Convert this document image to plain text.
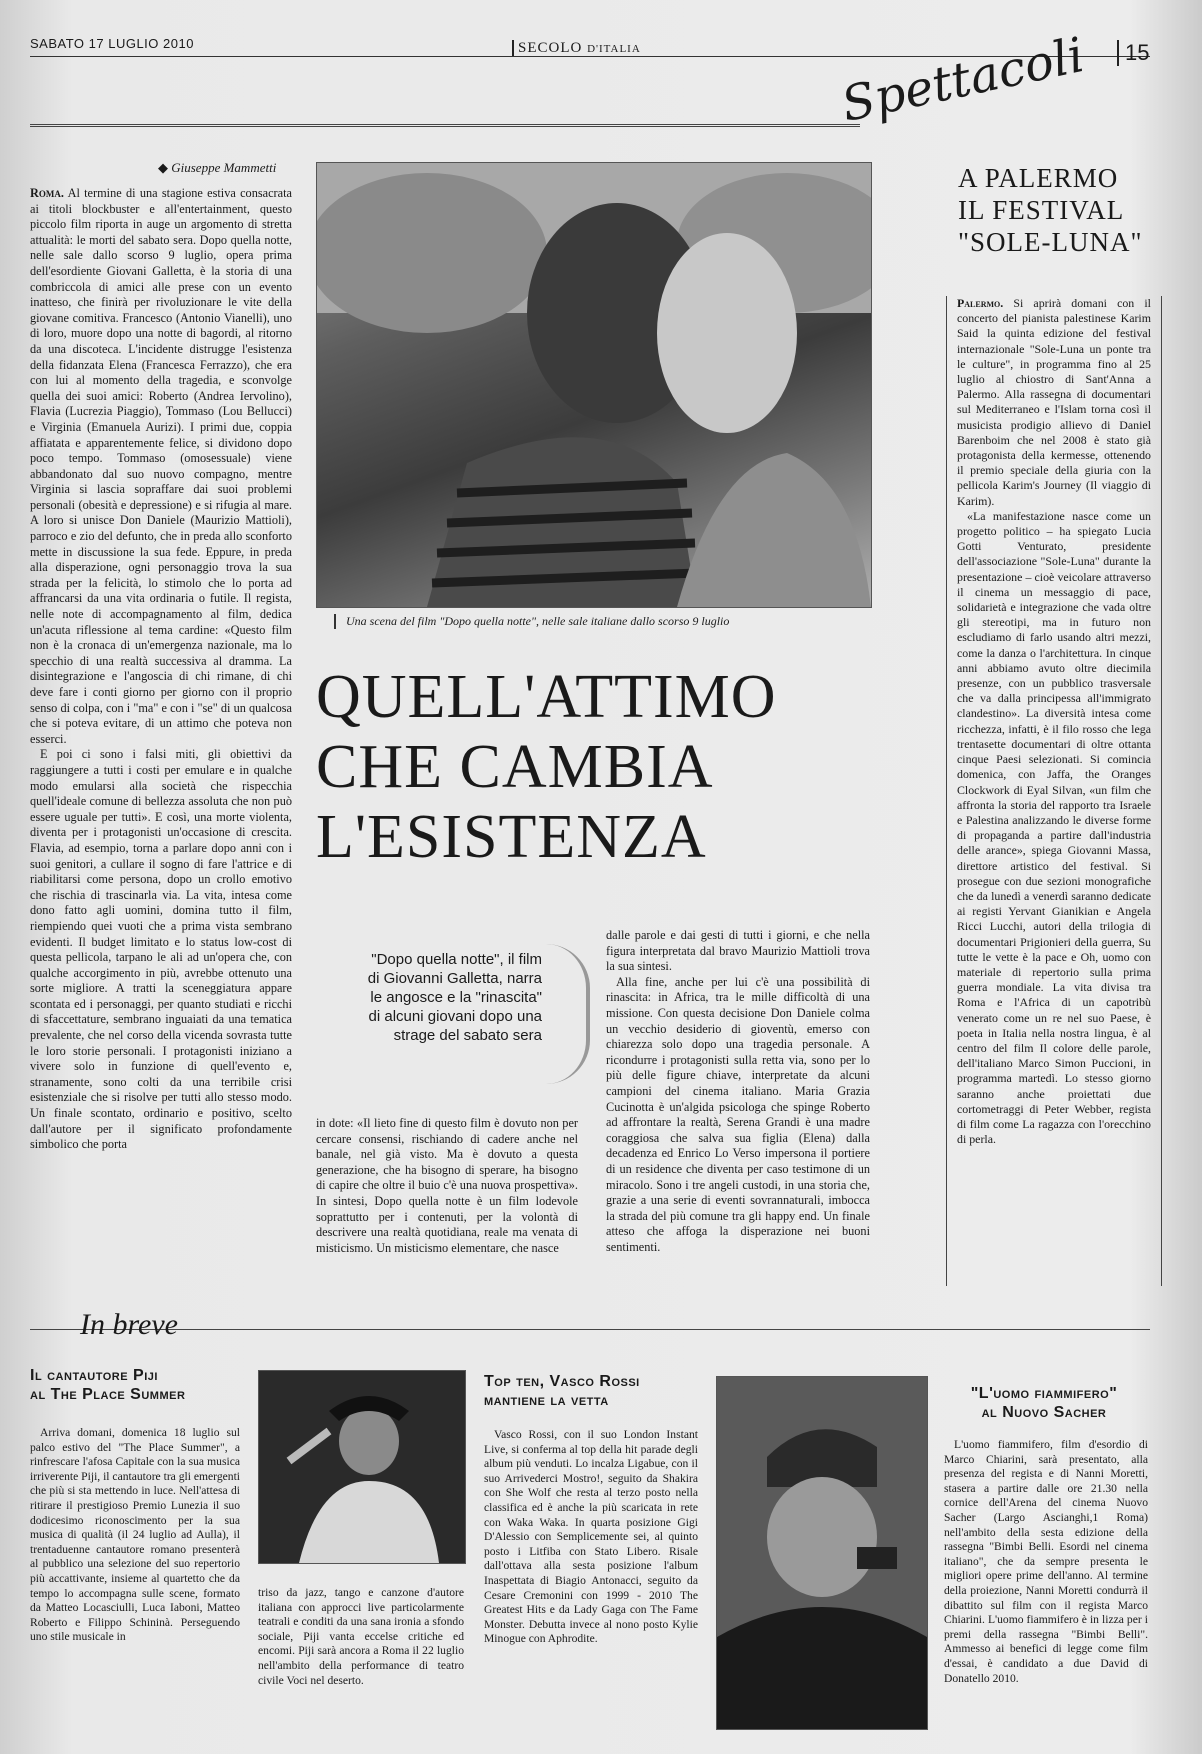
SABATO 17 LUGLIO 2010	SECOLO D'ITALIA	Spettacoli	15
◆ Giuseppe Mammetti

Roma. Al termine di una stagione estiva consacrata ai titoli blockbuster e all'entertainment, questo piccolo film riporta in auge un argomento di stretta attualità: le morti del sabato sera. Dopo quella notte, nelle sale dallo scorso 9 luglio, opera prima dell'esordiente Giovani Galletta, è la storia di una combriccola di amici alle prese con un evento inatteso, che finirà per rivoluzionare le vite della giovane comitiva. Francesco (Antonio Vianelli), uno di loro, muore dopo una notte di bagordi, al ritorno da una discoteca. L'incidente distrugge l'esistenza della fidanzata Elena (Francesca Ferrazzo), che era con lui al momento della tragedia, e sconvolge quella dei suoi amici: Roberto (Andrea Iervolino), Flavia (Lucrezia Piaggio), Tommaso (Lou Bellucci) e Virginia (Emanuela Aurizi). I primi due, coppia affiatata e apparentemente felice, si dividono dopo poco tempo. Tommaso (omosessuale) viene abbandonato dal suo nuovo compagno, mentre Virginia si lascia sopraffare dai suoi problemi personali (obesità e depressione) e si rifugia al mare. A loro si unisce Don Daniele (Maurizio Mattioli), parroco e zio del defunto, che in preda allo sconforto mette in discussione la sua fede. Eppure, in preda alla disperazione, ogni personaggio trova la sua strada per la felicità, lo stimolo che lo porta ad affrancarsi da una vita ordinaria o futile. Il regista, nelle note di accompagnamento al film, dedica un'acuta riflessione al tema cardine: «Questo film non è la cronaca di un'emergenza nazionale, ma lo specchio di una realtà successiva al dramma. La disintegrazione e l'angoscia di chi rimane, di chi deve fare i conti giorno per giorno con il proprio senso di colpa, con i "ma" e con i "se" di un qualcosa che si poteva evitare, di un attimo che poteva non esserci.

E poi ci sono i falsi miti, gli obiettivi da raggiungere a tutti i costi per emulare e in qualche modo emularsi alla società che rispecchia quell'ideale comune di bellezza assoluta che non può essere uguale per tutti». E così, una morte violenta, diventa per i protagonisti un'occasione di crescita. Flavia, ad esempio, torna a parlare dopo anni con i suoi genitori, a cullare il sogno di fare l'attrice e di riabilitarsi come persona, dopo un crollo emotivo che rischia di trascinarla via. La vita, intesa come dono fatto agli uomini, domina tutto il film, riempiendo quei vuoti che a prima vista sembrano evidenti. Il budget limitato e lo status low-cost di questa pellicola, tarpano le ali ad un'opera che, con qualche accorgimento in più, avrebbe ottenuto una sorte migliore. A tratti la sceneggiatura appare scontata ed i personaggi, per quanto studiati e ricchi di sfaccettature, sembrano inguaiati da una tematica prevalente, che nel corso della vicenda sovrasta tutte le loro storie personali. I protagonisti iniziano a vivere solo in funzione di quell'evento e, stranamente, sono colti da una terribile crisi esistenziale che si risolve per tutti allo stesso modo. Un finale scontato, ordinario e positivo, scelto dall'autore per il significato profondamente simbolico che porta

Una scena del film "Dopo quella notte", nelle sale italiane dallo scorso 9 luglio
QUELL'ATTIMO
CHE CAMBIA
L'ESISTENZA
"Dopo quella notte", il film di Giovanni Galletta, narra le angosce e la "rinascita" di alcuni giovani dopo una strage del sabato sera

in dote: «Il lieto fine di questo film è dovuto non per cercare consensi, rischiando di cadere anche nel banale, nel già visto. Ma è dovuto a questa generazione, che ha bisogno di sperare, ha bisogno di capire che oltre il buio c'è una nuova prospettiva». In sintesi, Dopo quella notte è un film lodevole soprattutto per i contenuti, per la volontà di descrivere una realtà quotidiana, reale ma venata di misticismo. Un misticismo elementare, che nasce

dalle parole e dai gesti di tutti i giorni, e che nella figura interpretata dal bravo Maurizio Mattioli trova la sua sintesi.

Alla fine, anche per lui c'è una possibilità di rinascita: in Africa, tra le mille difficoltà di una missione. Con questa decisione Don Daniele colma un vecchio desiderio di gioventù, emerso con chiarezza solo dopo una tragedia personale. A ricondurre i protagonisti sulla retta via, sono per lo più delle figure chiave, interpretate da alcuni campioni del cinema italiano. Maria Grazia Cucinotta è un'algida psicologa che spinge Roberto ad affrontare la realtà, Serena Grandi è una madre coraggiosa che salva sua figlia (Elena) dalla decadenza ed Enrico Lo Verso impersona il portiere di un residence che diventa per caso testimone di un miracolo. Sono i tre angeli custodi, in una storia che, grazie a una serie di eventi sovrannaturali, imbocca la strada del più comune tra gli happy end. Un finale atteso che affoga la disperazione nei buoni sentimenti.

A PALERMO
IL FESTIVAL
"SOLE-LUNA"

Palermo. Si aprirà domani con il concerto del pianista palestinese Karim Said la quinta edizione del festival internazionale "Sole-Luna un ponte tra le culture", in programma fino al 25 luglio al chiostro di Sant'Anna a Palermo. Alla rassegna di documentari sul Mediterraneo e l'Islam torna così il musicista prodigio allievo di Daniel Barenboim che nel 2008 è stato già protagonista della kermesse, ottenendo il premio speciale della giuria con la pellicola Karim's Journey (Il viaggio di Karim).

«La manifestazione nasce come un progetto politico – ha spiegato Lucia Gotti Venturato, presidente dell'associazione "Sole-Luna" durante la presentazione – cioè veicolare attraverso il cinema un messaggio di pace, solidarietà e integrazione che vada oltre gli stereotipi, ma in futuro non escludiamo di farlo usando altri mezzi, come la danza o l'architettura. In cinque anni abbiamo avuto oltre diecimila presenze, con un pubblico trasversale che va dalla principessa all'immigrato clandestino». La diversità intesa come ricchezza, infatti, è il filo rosso che lega trentasette documentari di oltre ottanta cinque Paesi selezionati. Si comincia domenica, con Jaffa, the Oranges Clockwork di Eyal Silvan, «un film che affronta la storia del rapporto tra Israele e Palestina analizzando le diverse forme di propaganda a partire dall'industria delle arance», spiega Giovanni Massa, direttore artistico del festival. Si prosegue con due sezioni monografiche che da lunedì a venerdì saranno dedicate ai registi Yervant Gianikian e Angela Ricci Lucchi, autori della trilogia di documentari Prigionieri della guerra, Su tutte le vette è la pace e Oh, uomo con materiale di repertorio sulla prima guerra mondiale. La vita divisa tra Roma e l'Africa di un capotribù venerato come un re nel suo Paese, è poeta in Italia nella nostra lingua, è al centro del film Il colore delle parole, dell'italiano Marco Simon Puccioni, in programma martedì. Lo stesso giorno saranno anche proiettati due cortometraggi di Peter Webber, regista di film come La ragazza con l'orecchino di perla.

In breve
Il cantautore Piji
al The Place Summer

Arriva domani, domenica 18 luglio sul palco estivo del "The Place Summer", a rinfrescare l'afosa Capitale con la sua musica irriverente Piji, il cantautore tra gli emergenti che più si sta mettendo in luce. Nell'attesa di ritirare il prestigioso Premio Lunezia il suo dodicesimo riconoscimento per la sua musica di qualità (il 24 luglio ad Aulla), il trentaduenne cantautore romano presenterà al pubblico una selezione del suo repertorio più accattivante, insieme al quartetto che da tempo lo accompagna sulle scene, formato da Matteo Locasciulli, Luca Iaboni, Matteo Roberto e Filippo Schininà. Perseguendo uno stile musicale in

triso da jazz, tango e canzone d'autore italiana con approcci live particolarmente teatrali e conditi da una sana ironia a sfondo sociale, Piji vanta eccelse critiche ed encomi. Piji sarà ancora a Roma il 22 luglio nell'ambito della performance di teatro civile Voci nel deserto.

Top ten, Vasco Rossi
mantiene la vetta

Vasco Rossi, con il suo London Instant Live, si conferma al top della hit parade degli album più venduti. Lo incalza Ligabue, con il suo Arrivederci Mostro!, seguito da Shakira con She Wolf che resta al terzo posto nella classifica ed è anche la più scaricata in rete con Waka Waka. In quarta posizione Gigi D'Alessio con Semplicemente sei, al quinto posto i Litfiba con Stato Libero. Risale dall'ottava alla sesta posizione l'album Inaspettata di Biagio Antonacci, seguito da Cesare Cremonini con 1999 - 2010 The Greatest Hits e da Lady Gaga con The Fame Monster. Debutta invece al nono posto Kylie Minogue con Aphrodite.

"L'uomo fiammifero"
al Nuovo Sacher

L'uomo fiammifero, film d'esordio di Marco Chiarini, sarà presentato, alla presenza del regista e di Nanni Moretti, stasera a partire dalle ore 21.30 nella cornice dell'Arena del cinema Nuovo Sacher (Largo Ascianghi,1 Roma) nell'ambito della sesta edizione della rassegna "Bimbi Belli. Esordi nel cinema italiano", che da sempre presenta le migliori opere prime dell'anno. Al termine della proiezione, Nanni Moretti condurrà il dibattito sul film con il regista Marco Chiarini. L'uomo fiammifero è in lizza per i premi della rassegna "Bimbi Belli". Ammesso ai benefici di legge come film d'essai, è candidato a due David di Donatello 2010.
